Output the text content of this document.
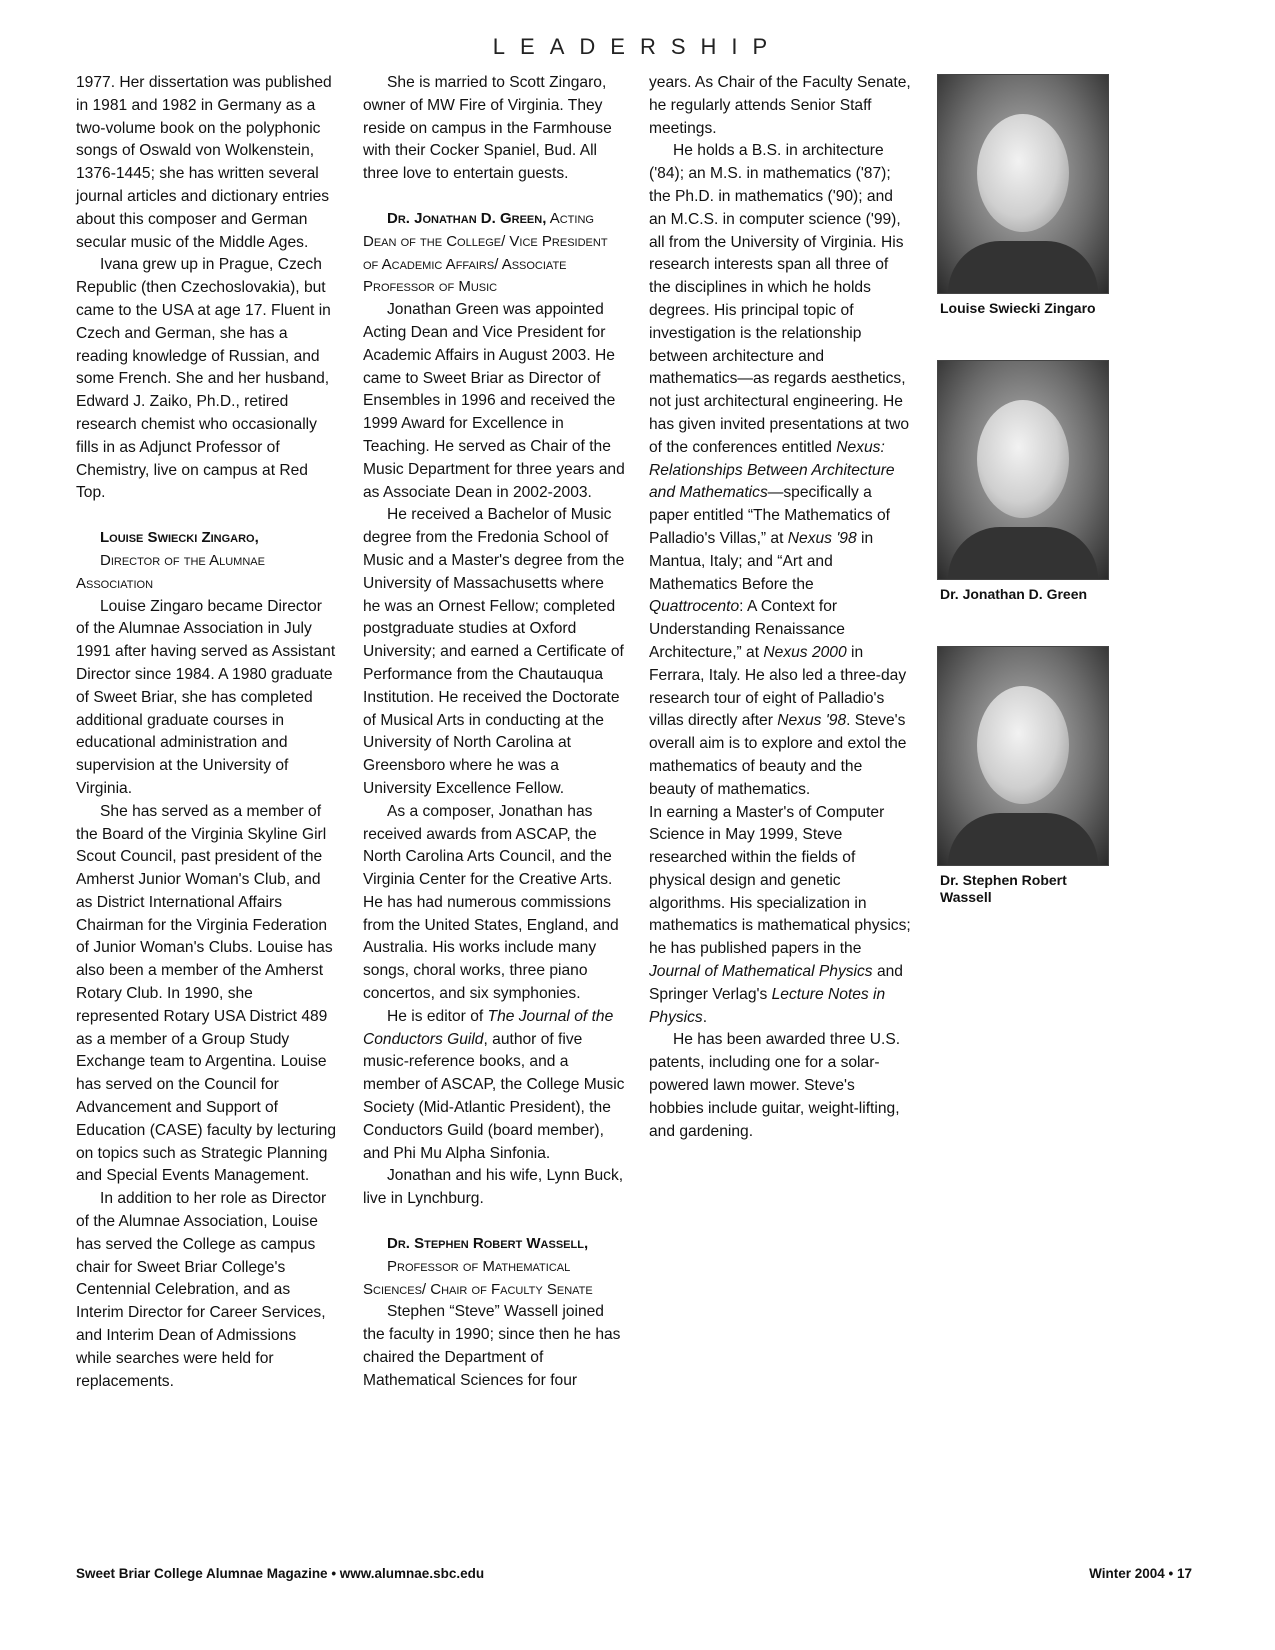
LEADERSHIP

1977. Her dissertation was published in 1981 and 1982 in Germany as a two-volume book on the polyphonic songs of Oswald von Wolkenstein, 1376-1445; she has written several journal articles and dictionary entries about this composer and German secular music of the Middle Ages.

Ivana grew up in Prague, Czech Republic (then Czechoslovakia), but came to the USA at age 17. Fluent in Czech and German, she has a reading knowledge of Russian, and some French. She and her husband, Edward J. Zaiko, Ph.D., retired research chemist who occasionally fills in as Adjunct Professor of Chemistry, live on campus at Red Top.

Louise Swiecki Zingaro,

Director of the Alumnae Association

Louise Zingaro became Director of the Alumnae Association in July 1991 after having served as Assistant Director since 1984. A 1980 graduate of Sweet Briar, she has completed additional graduate courses in educational administration and supervision at the University of Virginia.

She has served as a member of the Board of the Virginia Skyline Girl Scout Council, past president of the Amherst Junior Woman's Club, and as District International Affairs Chairman for the Virginia Federation of Junior Woman's Clubs. Louise has also been a member of the Amherst Rotary Club. In 1990, she represented Rotary USA District 489 as a member of a Group Study Exchange team to Argentina. Louise has served on the Council for Advancement and Support of Education (CASE) faculty by lecturing on topics such as Strategic Planning and Special Events Management.

In addition to her role as Director of the Alumnae Association, Louise has served the College as campus chair for Sweet Briar College's Centennial Celebration, and as Interim Director for Career Services, and Interim Dean of Admissions while searches were held for replacements.

She is married to Scott Zingaro, owner of MW Fire of Virginia. They reside on campus in the Farmhouse with their Cocker Spaniel, Bud. All three love to entertain guests.

Dr. Jonathan D. Green, Acting Dean of the College/ Vice President of Academic Affairs/ Associate Professor of Music

Jonathan Green was appointed Acting Dean and Vice President for Academic Affairs in August 2003. He came to Sweet Briar as Director of Ensembles in 1996 and received the 1999 Award for Excellence in Teaching. He served as Chair of the Music Department for three years and as Associate Dean in 2002-2003.

He received a Bachelor of Music degree from the Fredonia School of Music and a Master's degree from the University of Massachusetts where he was an Ornest Fellow; completed postgraduate studies at Oxford University; and earned a Certificate of Performance from the Chautauqua Institution. He received the Doctorate of Musical Arts in conducting at the University of North Carolina at Greensboro where he was a University Excellence Fellow.

As a composer, Jonathan has received awards from ASCAP, the North Carolina Arts Council, and the Virginia Center for the Creative Arts. He has had numerous commissions from the United States, England, and Australia. His works include many songs, choral works, three piano concertos, and six symphonies.

He is editor of The Journal of the Conductors Guild, author of five music-reference books, and a member of ASCAP, the College Music Society (Mid-Atlantic President), the Conductors Guild (board member), and Phi Mu Alpha Sinfonia.

Jonathan and his wife, Lynn Buck, live in Lynchburg.

Dr. Stephen Robert Wassell,

Professor of Mathematical Sciences/ Chair of Faculty Senate

Stephen “Steve” Wassell joined the faculty in 1990; since then he has chaired the Department of Mathematical Sciences for four

years. As Chair of the Faculty Senate, he regularly attends Senior Staff meetings.

He holds a B.S. in architecture ('84); an M.S. in mathematics ('87); the Ph.D. in mathematics ('90); and an M.C.S. in computer science ('99), all from the University of Virginia. His research interests span all three of the disciplines in which he holds degrees. His principal topic of investigation is the relationship between architecture and mathematics—as regards aesthetics, not just architectural engineering. He has given invited presentations at two of the conferences entitled Nexus: Relationships Between Architecture and Mathematics—specifically a paper entitled “The Mathematics of Palladio's Villas,” at Nexus '98 in Mantua, Italy; and “Art and Mathematics Before the Quattrocento: A Context for Understanding Renaissance Architecture,” at Nexus 2000 in Ferrara, Italy. He also led a three-day research tour of eight of Palladio's villas directly after Nexus '98. Steve's overall aim is to explore and extol the mathematics of beauty and the beauty of mathematics.

In earning a Master's of Computer Science in May 1999, Steve researched within the fields of physical design and genetic algorithms. His specialization in mathematics is mathematical physics; he has published papers in the Journal of Mathematical Physics and Springer Verlag's Lecture Notes in Physics.

He has been awarded three U.S. patents, including one for a solar-powered lawn mower. Steve's hobbies include guitar, weight-lifting, and gardening.

Louise Swiecki Zingaro
Dr. Jonathan D. Green
Dr. Stephen Robert Wassell
Sweet Briar College Alumnae Magazine • www.alumnae.sbc.edu	Winter 2004 • 17
